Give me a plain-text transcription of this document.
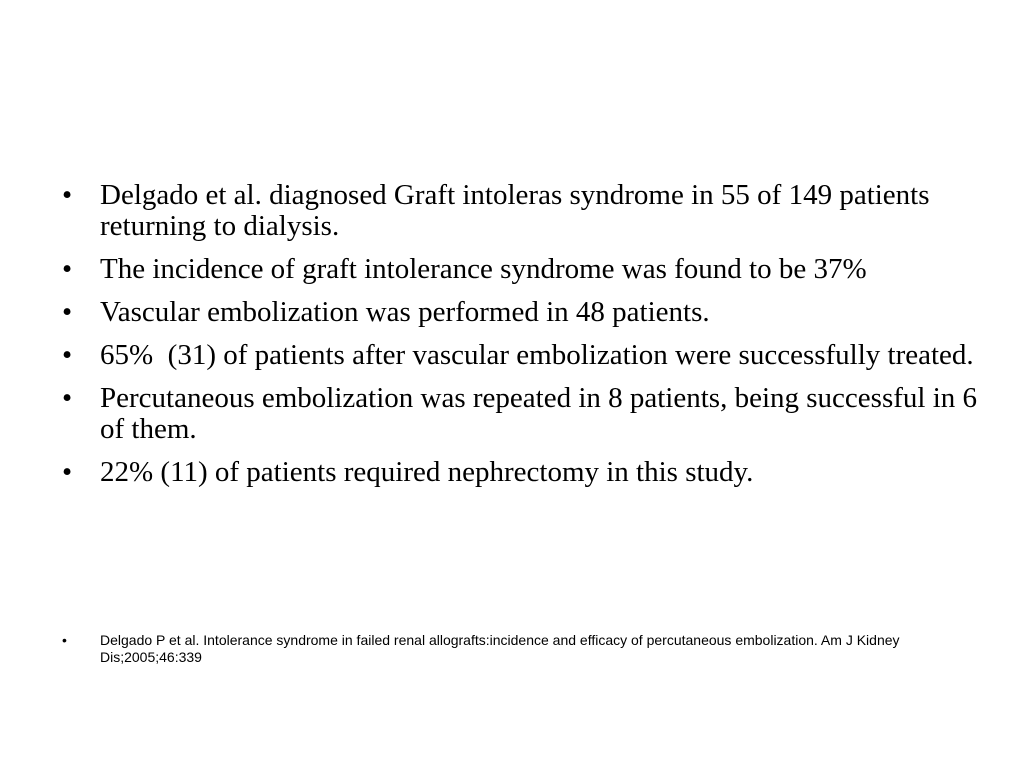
• Delgado et al. diagnosed Graft intoleras syndrome in 55 of 149 patients returning to dialysis.
• The incidence of graft intolerance syndrome was found to be 37%
• Vascular embolization was performed in 48 patients.
• 65%  (31) of patients after vascular embolization were successfully treated.
• Percutaneous embolization was repeated in 8 patients, being successful in 6 of them.
• 22% (11) of patients required nephrectomy in this study.
•	Delgado P et al. Intolerance syndrome in failed renal allografts:incidence and efficacy of percutaneous embolization. Am J Kidney Dis;2005;46:339
